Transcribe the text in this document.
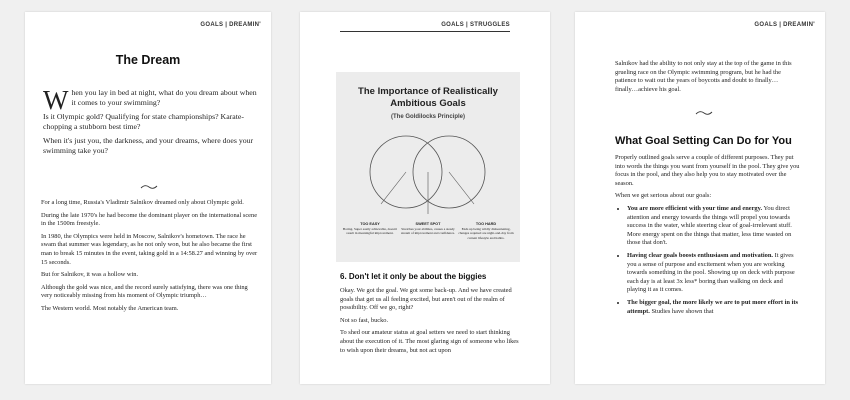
GOALS | DREAMIN'
The Dream

When you lay in bed at night, what do you dream about when it comes to your swimming?

Is it Olympic gold? Qualifying for state championships? Karate-chopping a stubborn best time?

When it's just you, the darkness, and your dreams, where does your swimming take you?

For a long time, Russia's Vladimir Salnikov dreamed only about Olympic gold.

During the late 1970's he had become the dominant player on the international scene in the 1500m freestyle.

In 1980, the Olympics were held in Moscow, Salnikov's hometown. The race he swam that summer was legendary, as he not only won, but he also became the first man to break 15 minutes in the event, taking gold in a 14:58.27 and winning by over 15 seconds.

But for Salnikov, it was a hollow win.

Although the gold was nice, and the record surely satisfying, there was one thing very noticeably missing from his moment of Olympic triumph…

The Western world. Most notably the American team.

GOALS | STRUGGLES
The Importance of Realistically Ambitious Goals
(The Goldilocks Principle)
TOO EASY
Boring. Super easily achievable, doesn't result in meaningful improvement.
SWEET SPOT
Stretches your abilities, causes a steady stream of improvement and confidence.
TOO HARD
Ends up being wildly disheartening, changes required are night-and-day from current lifestyle and habits.
6. Don't let it only be about the biggies

Okay. We got the goal. We got some back-up. And we have created goals that get us all feeling excited, but aren't out of the realm of possibility. Off we go, right?

Not so fast, bucko.

To shed our amateur status at goal setters we need to start thinking about the execution of it. The most glaring sign of someone who likes to wish upon their dreams, but not act upon

GOALS | DREAMIN'
Salnikov had the ability to not only stay at the top of the game in this grueling race on the Olympic swimming program, but he had the patience to wait out the years of boycotts and doubt to finally…finally…achieve his goal.
What Goal Setting Can Do for You

Properly outlined goals serve a couple of different purposes. They put into words the things you want from yourself in the pool. They give you focus in the pool, and they also help you to stay motivated over the season.

When we get serious about our goals:

• You are more efficient with your time and energy. You direct attention and energy towards the things will propel you towards success in the water, while steering clear of goal-irrelevant stuff. More energy spent on the things that matter, less time wasted on those that don't.
• Having clear goals boosts enthusiasm and motivation. It gives you a sense of purpose and excitement when you are working towards something in the pool. Showing up on deck with purpose each day is at least 3x less* boring than walking on deck and playing it as it comes.
• The bigger goal, the more likely we are to put more effort in its attempt. Studies have shown that
